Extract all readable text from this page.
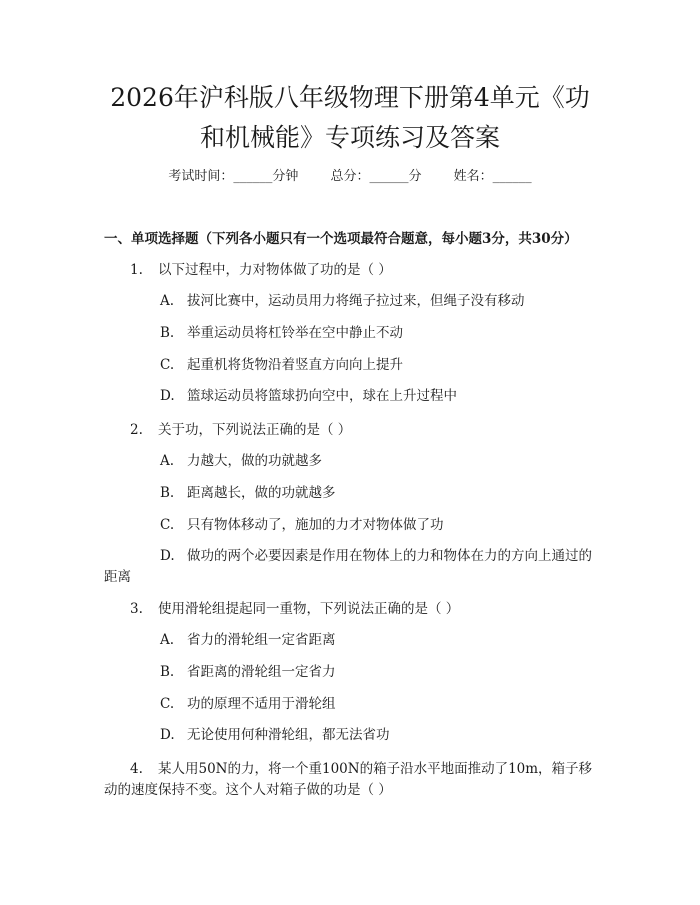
2026年沪科版八年级物理下册第4单元《功
和机械能》专项练习及答案
考试时间：______分钟 总分：______分 姓名：______
一、单项选择题（下列各小题只有一个选项最符合题意，每小题3分，共30分）
1. 以下过程中，力对物体做了功的是（ ）
A. 拔河比赛中，运动员用力将绳子拉过来，但绳子没有移动
B. 举重运动员将杠铃举在空中静止不动
C. 起重机将货物沿着竖直方向向上提升
D. 篮球运动员将篮球扔向空中，球在上升过程中
2. 关于功，下列说法正确的是（ ）
A. 力越大，做的功就越多
B. 距离越长，做的功就越多
C. 只有物体移动了，施加的力才对物体做了功
D. 做功的两个必要因素是作用在物体上的力和物体在力的方向上通过的
距离
3. 使用滑轮组提起同一重物，下列说法正确的是（ ）
A. 省力的滑轮组一定省距离
B. 省距离的滑轮组一定省力
C. 功的原理不适用于滑轮组
D. 无论使用何种滑轮组，都无法省功
4. 某人用50N的力，将一个重100N的箱子沿水平地面推动了10m，箱子移
动的速度保持不变。这个人对箱子做的功是（ ）
